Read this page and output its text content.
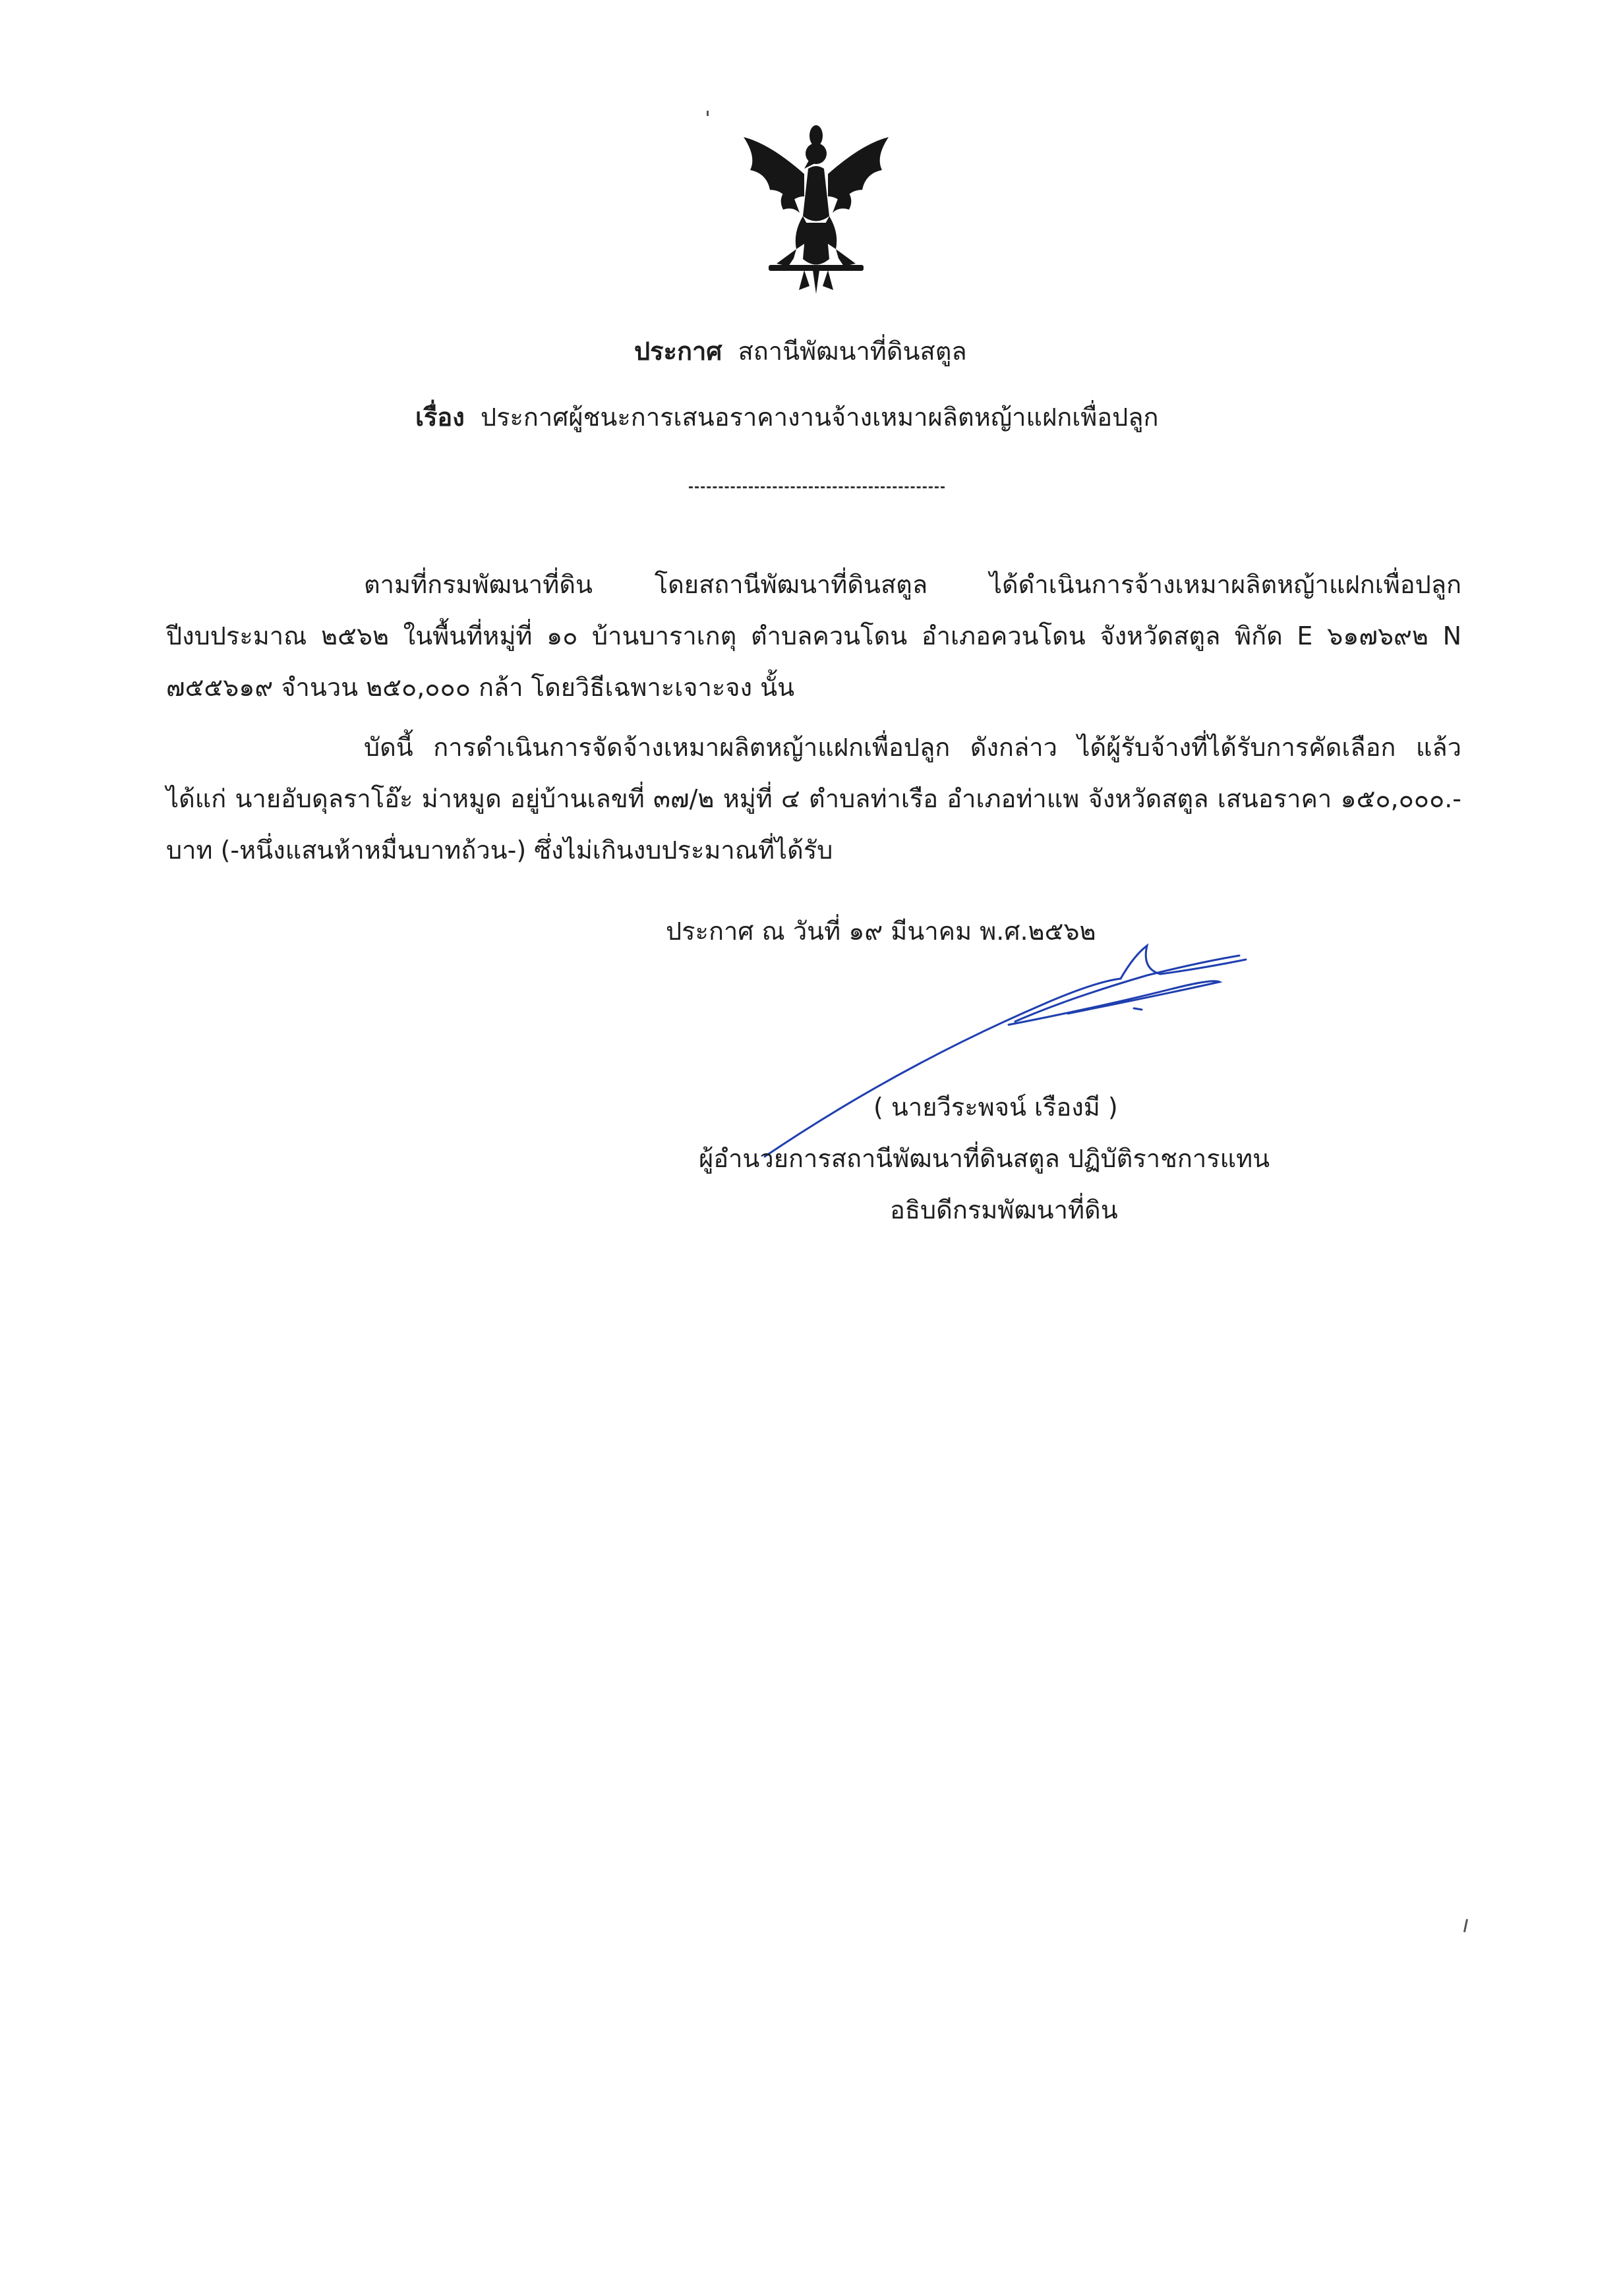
ประกาศ สถานีพัฒนาที่ดินสตูล
เรื่อง ประกาศผู้ชนะการเสนอราคางานจ้างเหมาผลิตหญ้าแฝกเพื่อปลูก
ตามที่กรมพัฒนาที่ดิน โดยสถานีพัฒนาที่ดินสตูล ได้ดำเนินการจ้างเหมาผลิตหญ้าแฝกเพื่อปลูก ปีงบประมาณ ๒๕๖๒ ในพื้นที่หมู่ที่ ๑๐ บ้านบาราเกตุ ตำบลควนโดน อำเภอควนโดน จังหวัดสตูล พิกัด E ๖๑๗๖๙๒ N ๗๕๕๖๑๙ จำนวน ๒๕๐,๐๐๐ กล้า โดยวิธีเฉพาะเจาะจง นั้น
บัดนี้ การดำเนินการจัดจ้างเหมาผลิตหญ้าแฝกเพื่อปลูก ดังกล่าว ได้ผู้รับจ้างที่ได้รับการคัดเลือก แล้ว ได้แก่ นายอับดุลราโอ๊ะ ม่าหมูด อยู่บ้านเลขที่ ๓๗/๒ หมู่ที่ ๔ ตำบลท่าเรือ อำเภอท่าแพ จังหวัดสตูล เสนอราคา ๑๕๐,๐๐๐.-บาท (-หนึ่งแสนห้าหมื่นบาทถ้วน-) ซึ่งไม่เกินงบประมาณที่ได้รับ
ประกาศ ณ วันที่ ๑๙ มีนาคม พ.ศ.๒๕๖๒
( นายวีระพจน์ เรืองมี )
ผู้อำนวยการสถานีพัฒนาที่ดินสตูล ปฏิบัติราชการแทน
อธิบดีกรมพัฒนาที่ดิน
